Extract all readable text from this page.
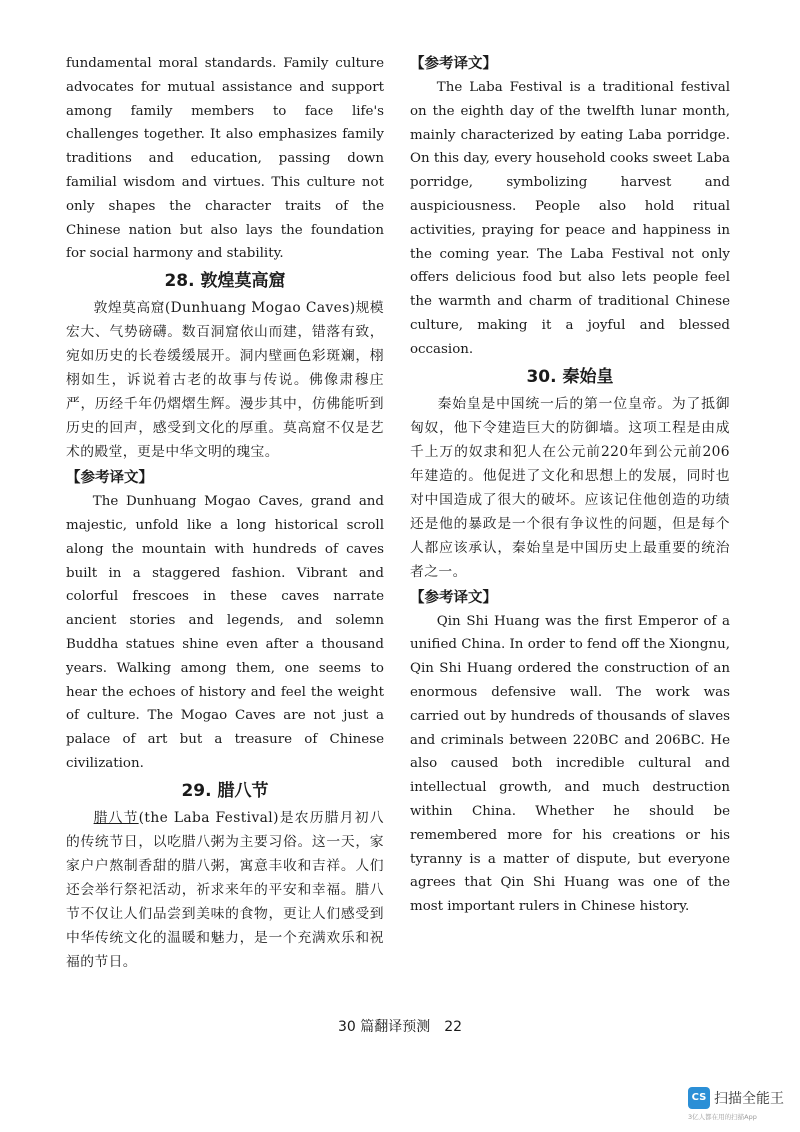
fundamental moral standards. Family culture advocates for mutual assistance and support among family members to face life's challenges together. It also emphasizes family traditions and education, passing down familial wisdom and virtues. This culture not only shapes the character traits of the Chinese nation but also lays the foundation for social harmony and stability.

28. 敦煌莫高窟

敦煌莫高窟(Dunhuang Mogao Caves)规模宏大、气势磅礴。数百洞窟依山而建，错落有致，宛如历史的长卷缓缓展开。洞内壁画色彩斑斓，栩栩如生，诉说着古老的故事与传说。佛像肃穆庄严，历经千年仍熠熠生辉。漫步其中，仿佛能听到历史的回声，感受到文化的厚重。莫高窟不仅是艺术的殿堂，更是中华文明的瑰宝。

【参考译文】

The Dunhuang Mogao Caves, grand and majestic, unfold like a long historical scroll along the mountain with hundreds of caves built in a staggered fashion. Vibrant and colorful frescoes in these caves narrate ancient stories and legends, and solemn Buddha statues shine even after a thousand years. Walking among them, one seems to hear the echoes of history and feel the weight of culture. The Mogao Caves are not just a palace of art but a treasure of Chinese civilization.

29. 腊八节

腊八节(the Laba Festival)是农历腊月初八的传统节日，以吃腊八粥为主要习俗。这一天，家家户户熬制香甜的腊八粥，寓意丰收和吉祥。人们还会举行祭祀活动，祈求来年的平安和幸福。腊八节不仅让人们品尝到美味的食物，更让人们感受到中华传统文化的温暖和魅力，是一个充满欢乐和祝福的节日。

【参考译文】

The Laba Festival is a traditional festival on the eighth day of the twelfth lunar month, mainly characterized by eating Laba porridge. On this day, every household cooks sweet Laba porridge, symbolizing harvest and auspiciousness. People also hold ritual activities, praying for peace and happiness in the coming year. The Laba Festival not only offers delicious food but also lets people feel the warmth and charm of traditional Chinese culture, making it a joyful and blessed occasion.

30. 秦始皇

秦始皇是中国统一后的第一位皇帝。为了抵御匈奴，他下令建造巨大的防御墙。这项工程是由成千上万的奴隶和犯人在公元前220年到公元前206年建造的。他促进了文化和思想上的发展，同时也对中国造成了很大的破坏。应该记住他创造的功绩还是他的暴政是一个很有争议性的问题，但是每个人都应该承认，秦始皇是中国历史上最重要的统治者之一。

【参考译文】

Qin Shi Huang was the first Emperor of a unified China. In order to fend off the Xiongnu, Qin Shi Huang ordered the construction of an enormous defensive wall. The work was carried out by hundreds of thousands of slaves and criminals between 220BC and 206BC. He also caused both incredible cultural and intellectual growth, and much destruction within China. Whether he should be remembered more for his creations or his tyranny is a matter of dispute, but everyone agrees that Qin Shi Huang was one of the most important rulers in Chinese history.

30 篇翻译预测　22
CS 扫描全能王
3亿人都在用的扫描App
